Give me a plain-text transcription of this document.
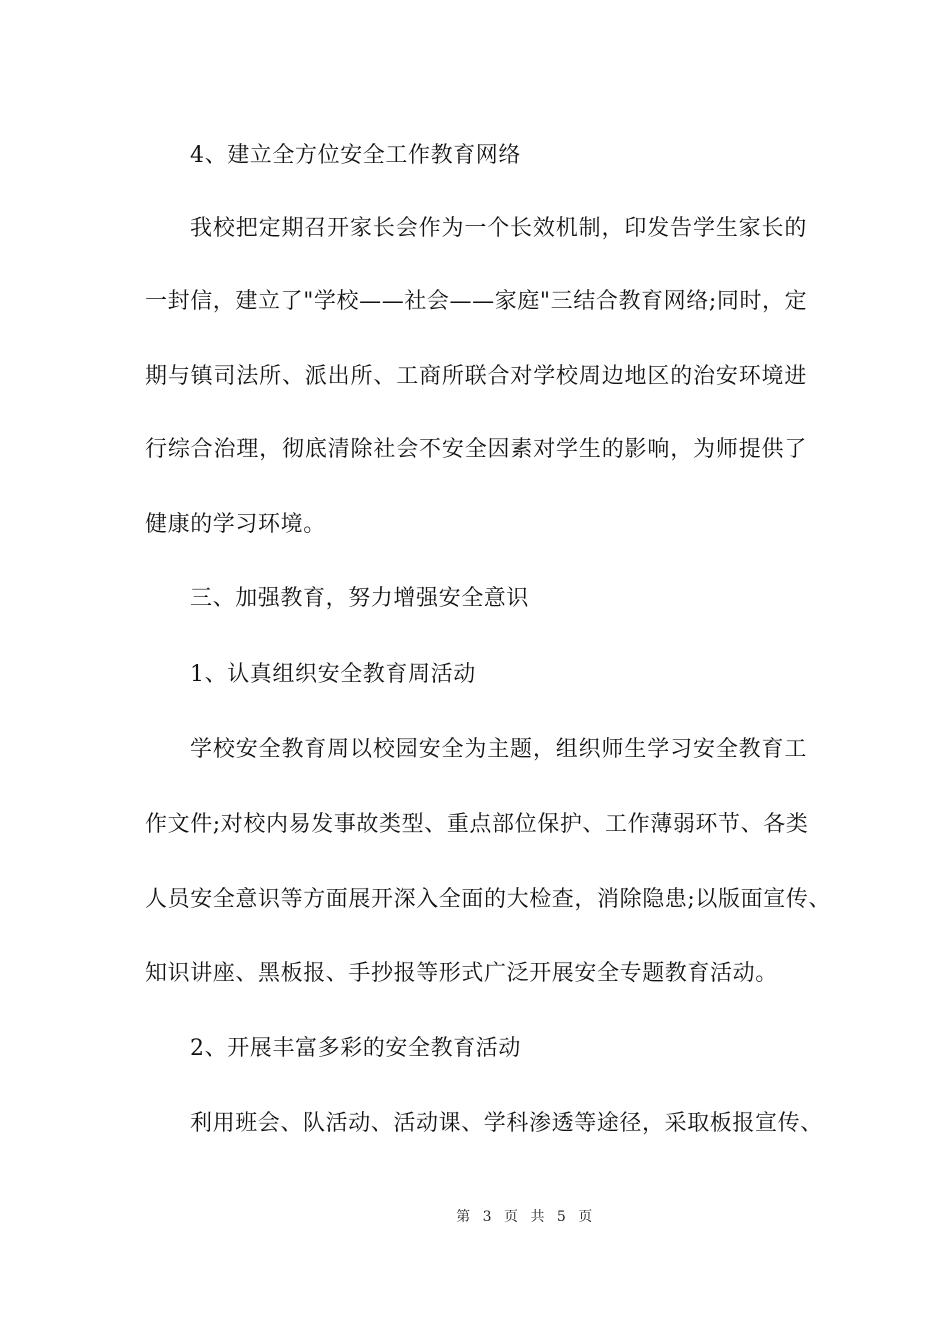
4、建立全方位安全工作教育网络
我校把定期召开家长会作为一个长效机制，印发告学生家长的
一封信，建立了"学校——社会——家庭"三结合教育网络;同时，定
期与镇司法所、派出所、工商所联合对学校周边地区的治安环境进
行综合治理，彻底清除社会不安全因素对学生的影响，为师提供了
健康的学习环境。
三、加强教育，努力增强安全意识
1、认真组织安全教育周活动
学校安全教育周以校园安全为主题，组织师生学习安全教育工
作文件;对校内易发事故类型、重点部位保护、工作薄弱环节、各类
人员安全意识等方面展开深入全面的大检查，消除隐患;以版面宣传、
知识讲座、黑板报、手抄报等形式广泛开展安全专题教育活动。
2、开展丰富多彩的安全教育活动
利用班会、队活动、活动课、学科渗透等途径，采取板报宣传、
第 3 页 共 5 页
